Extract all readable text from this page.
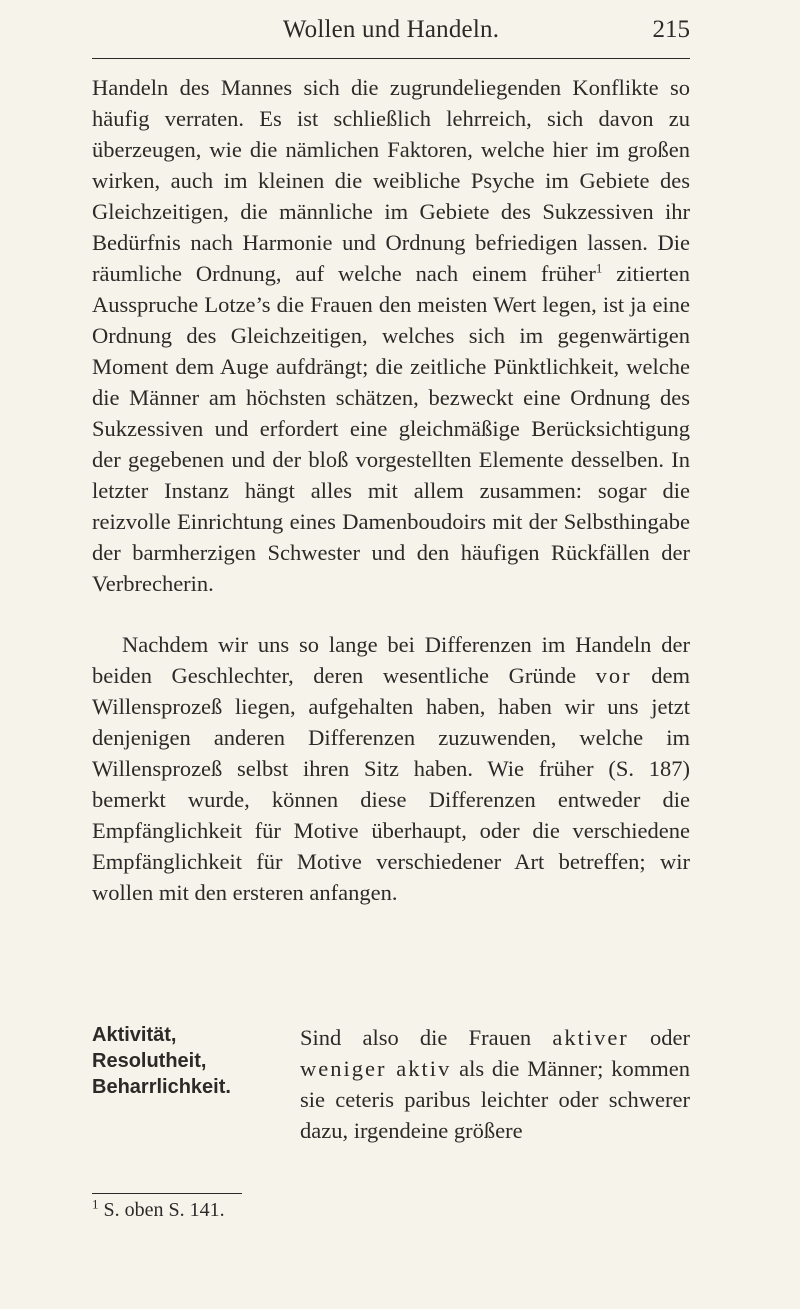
Wollen und Handeln.	215

Handeln des Mannes sich die zugrundeliegenden Konflikte so häufig verraten. Es ist schließlich lehrreich, sich davon zu überzeugen, wie die nämlichen Faktoren, welche hier im großen wirken, auch im kleinen die weibliche Psyche im Gebiete des Gleichzeitigen, die männliche im Gebiete des Sukzessiven ihr Bedürfnis nach Harmonie und Ordnung befriedigen lassen. Die räumliche Ordnung, auf welche nach einem früher$^1$ zitierten Ausspruche Lotze’s die Frauen den meisten Wert legen, ist ja eine Ordnung des Gleichzeitigen, welches sich im gegenwärtigen Moment dem Auge aufdrängt; die zeitliche Pünktlichkeit, welche die Männer am höchsten schätzen, bezweckt eine Ordnung des Sukzessiven und erfordert eine gleichmäßige Berücksichtigung der gegebenen und der bloß vorgestellten Elemente desselben. In letzter Instanz hängt alles mit allem zusammen: sogar die reizvolle Einrichtung eines Damenboudoirs mit der Selbsthingabe der barmherzigen Schwester und den häufigen Rückfällen der Verbrecherin.

Nachdem wir uns so lange bei Differenzen im Handeln der beiden Geschlechter, deren wesentliche Gründe vor dem Willensprozeß liegen, aufgehalten haben, haben wir uns jetzt denjenigen anderen Differenzen zuzuwenden, welche im Willensprozeß selbst ihren Sitz haben. Wie früher (S. 187) bemerkt wurde, können diese Differenzen entweder die Empfänglichkeit für Motive überhaupt, oder die verschiedene Empfänglichkeit für Motive verschiedener Art betreffen; wir wollen mit den ersteren anfangen.

Aktivität,
Resolutheit,
Beharrlichkeit.
Sind also die Frauen aktiver oder weniger aktiv als die Männer; kommen sie ceteris paribus leichter oder schwerer dazu, irgendeine größere
$^1$ S. oben S. 141.
